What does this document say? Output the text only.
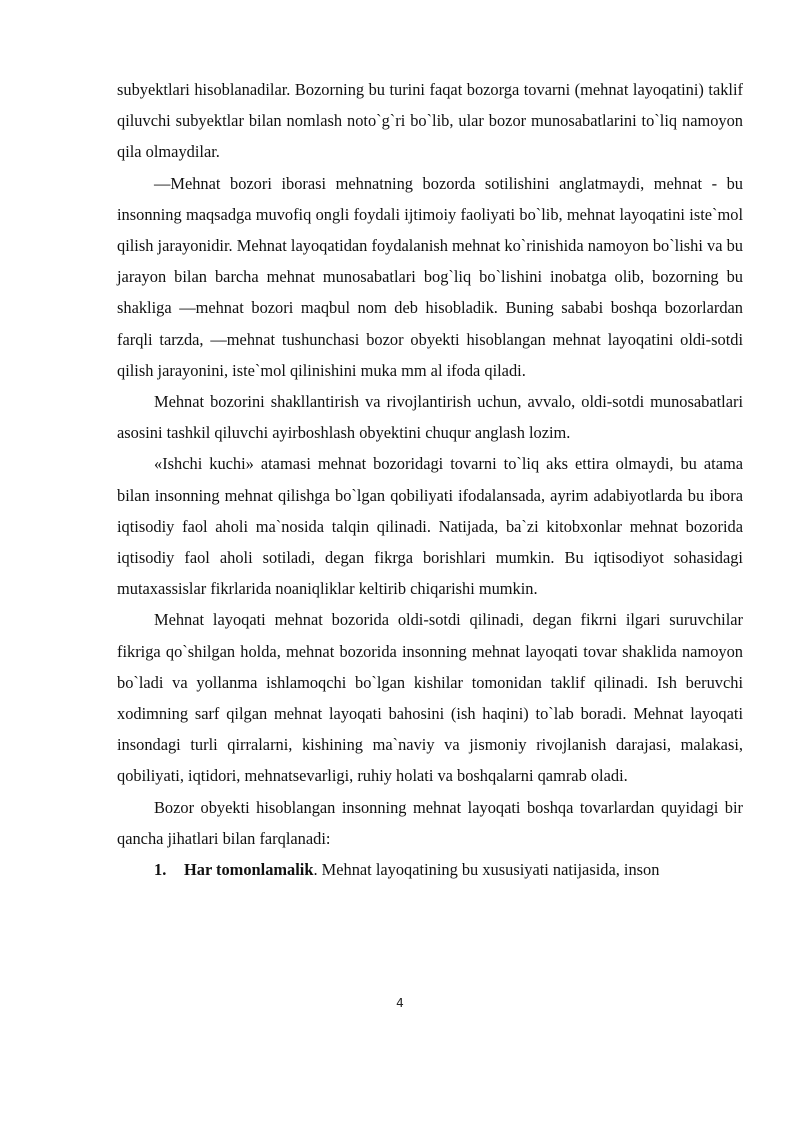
subyektlari hisoblanadilar. Bozorning bu turini faqat bozorga tovarni (mehnat layoqatini) taklif qiluvchi subyektlar bilan nomlash noto`g`ri bo`lib, ular bozor munosabatlarini to`liq namoyon qila olmaydilar.

―Mehnat bozori iborasi mehnatning bozorda sotilishini anglatmaydi, mehnat - bu insonning maqsadga muvofiq ongli foydali ijtimoiy faoliyati bo`lib, mehnat layoqatini iste`mol qilish jarayonidir. Mehnat layoqatidan foydalanish mehnat ko`rinishida namoyon bo`lishi va bu jarayon bilan barcha mehnat munosabatlari bog`liq bo`lishini inobatga olib, bozorning bu shakliga ―mehnat bozori maqbul nom deb hisobladik. Buning sababi boshqa bozorlardan farqli tarzda, ―mehnat tushunchasi bozor obyekti hisoblangan mehnat layoqatini oldi-sotdi qilish jarayonini, iste`mol qilinishini muka mm al ifoda qiladi.

Mehnat bozorini shakllantirish va rivojlantirish uchun, avvalo, oldi-sotdi munosabatlari asosini tashkil qiluvchi ayirboshlash obyektini chuqur anglash lozim.

«Ishchi kuchi» atamasi mehnat bozoridagi tovarni to`liq aks ettira olmaydi, bu atama bilan insonning mehnat qilishga bo`lgan qobiliyati ifodalansada, ayrim adabiyotlarda bu ibora iqtisodiy faol aholi ma`nosida talqin qilinadi. Natijada, ba`zi kitobxonlar mehnat bozorida iqtisodiy faol aholi sotiladi, degan fikrga borishlari mumkin. Bu iqtisodiyot sohasidagi mutaxassislar fikrlarida noaniqliklar keltirib chiqarishi mumkin.

Mehnat layoqati mehnat bozorida oldi-sotdi qilinadi, degan fikrni ilgari suruvchilar fikriga qo`shilgan holda, mehnat bozorida insonning mehnat layoqati tovar shaklida namoyon bo`ladi va yollanma ishlamoqchi bo`lgan kishilar tomonidan taklif qilinadi. Ish beruvchi xodimning sarf qilgan mehnat layoqati bahosini (ish haqini) to`lab boradi. Mehnat layoqati insondagi turli qirralarni, kishining ma`naviy va jismoniy rivojlanish darajasi, malakasi, qobiliyati, iqtidori, mehnatsevarligi, ruhiy holati va boshqalarni qamrab oladi.

Bozor obyekti hisoblangan insonning mehnat layoqati boshqa tovarlardan quyidagi bir qancha jihatlari bilan farqlanadi:

1. Har tomonlamalik. Mehnat layoqatining bu xususiyati natijasida, inson

4
